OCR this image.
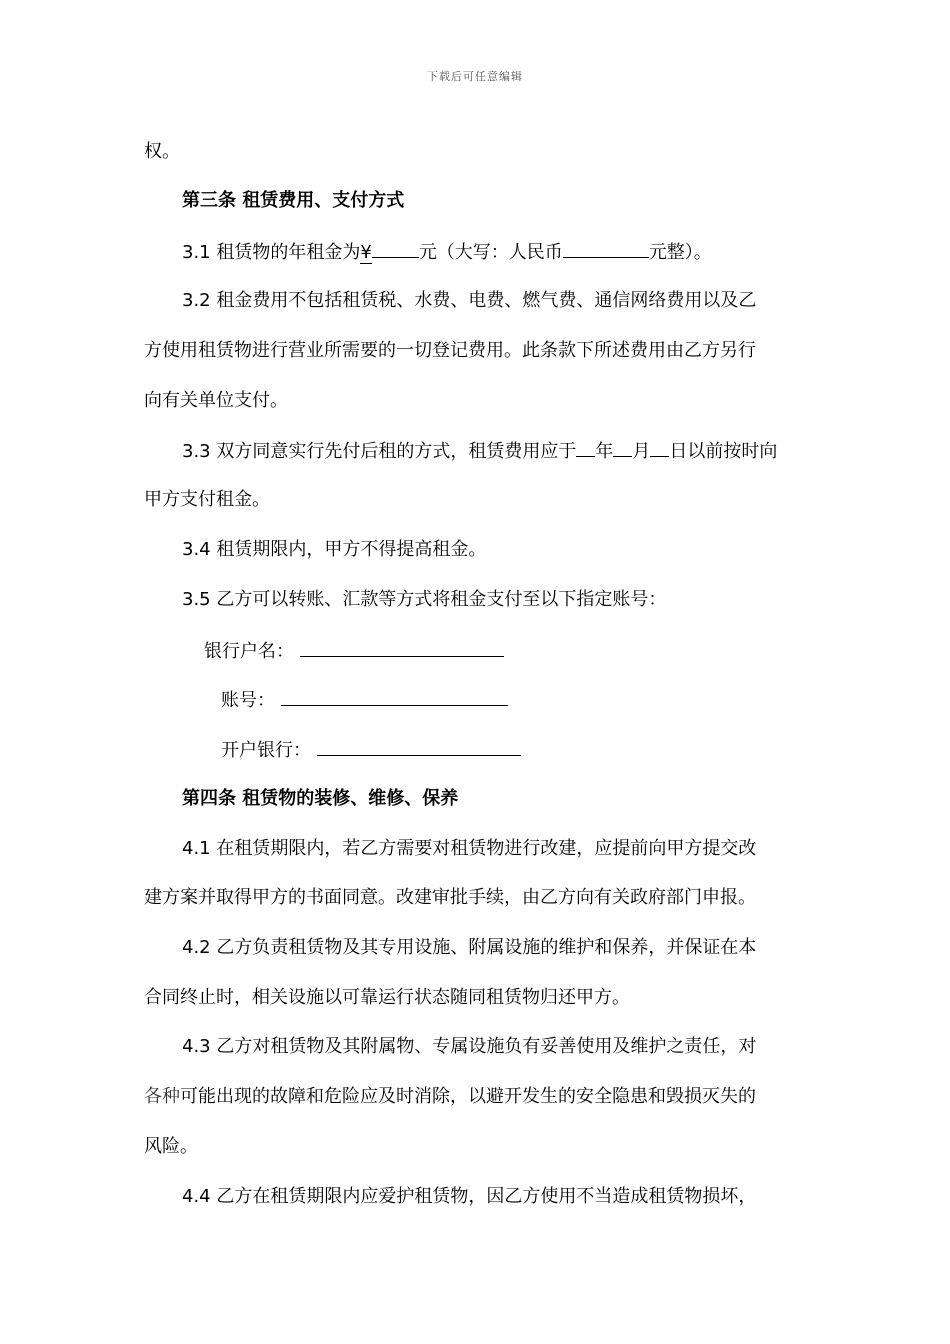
下载后可任意编辑
权。
第三条 租赁费用、支付方式
3.1 租赁物的年租金为¥	元（大写：人民币	元整）。
3.2 租金费用不包括租赁税、水费、电费、燃气费、通信网络费用以及乙
方使用租赁物进行营业所需要的一切登记费用。此条款下所述费用由乙方另行
向有关单位支付。
3.3 双方同意实行先付后租的方式，租赁费用应于 年 月 日以前按时向
甲方支付租金。
3.4 租赁期限内，甲方不得提高租金。
3.5 乙方可以转账、汇款等方式将租金支付至以下指定账号：
银行户名：
账号：
开户银行：
第四条 租赁物的装修、维修、保养
4.1 在租赁期限内，若乙方需要对租赁物进行改建，应提前向甲方提交改
建方案并取得甲方的书面同意。改建审批手续，由乙方向有关政府部门申报。
4.2 乙方负责租赁物及其专用设施、附属设施的维护和保养，并保证在本
合同终止时，相关设施以可靠运行状态随同租赁物归还甲方。
4.3 乙方对租赁物及其附属物、专属设施负有妥善使用及维护之责任，对
各种可能出现的故障和危险应及时消除，以避开发生的安全隐患和毁损灭失的
风险。
4.4 乙方在租赁期限内应爱护租赁物，因乙方使用不当造成租赁物损坏，
